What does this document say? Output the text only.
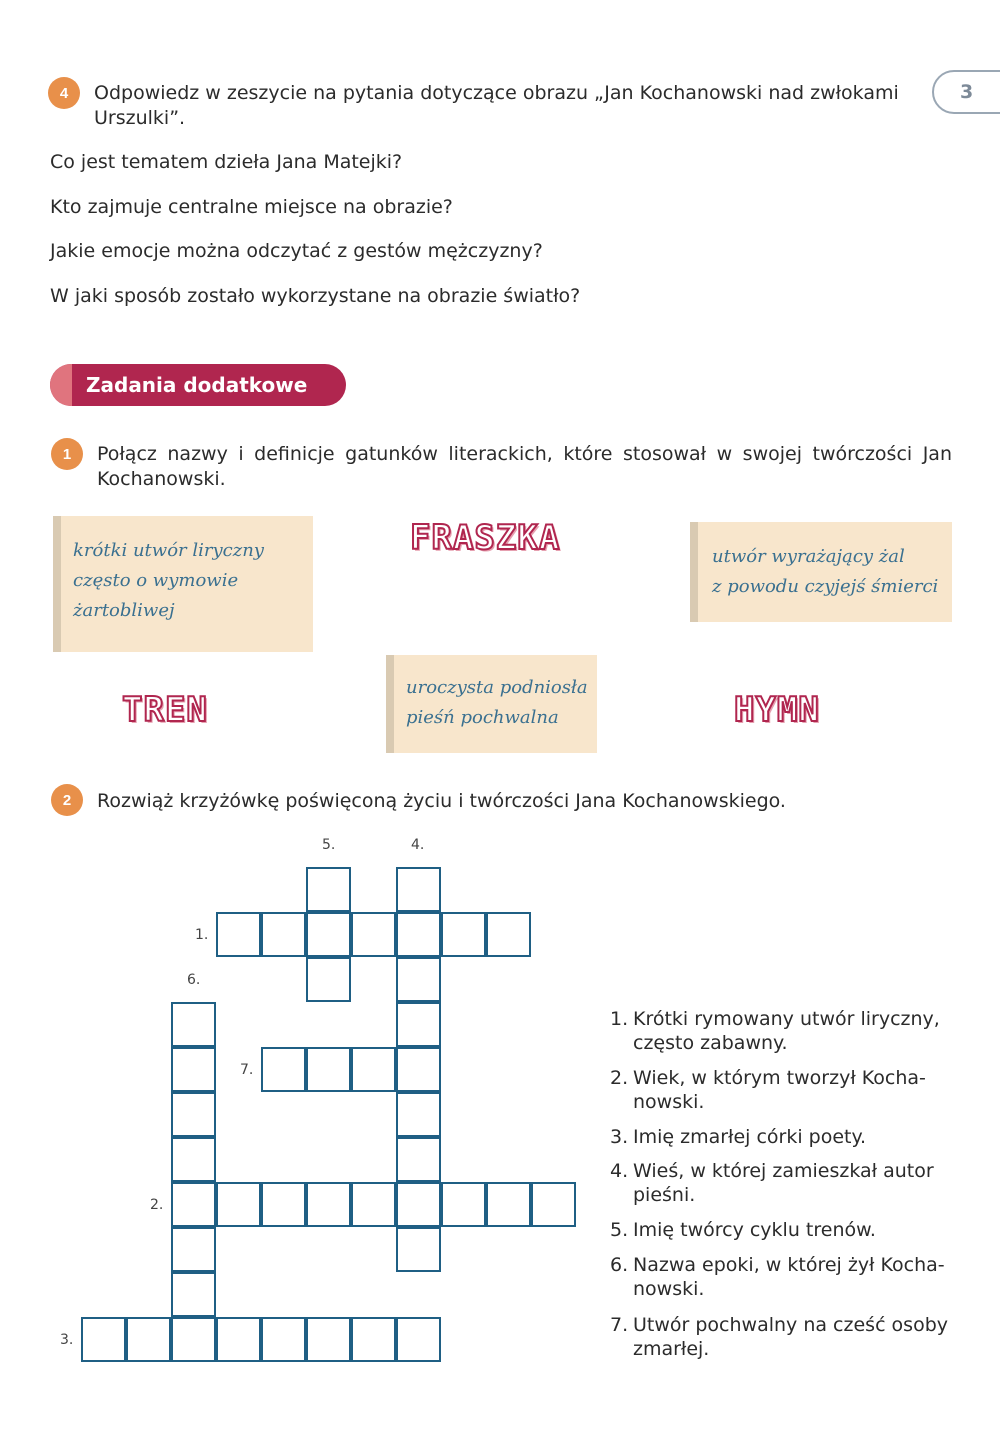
3
4 Odpowiedz w zeszycie na pytania dotyczące obrazu „Jan Kochanowski nad zwłokami
Urszulki”.
Co jest tematem dzieła Jana Matejki?
Kto zajmuje centralne miejsce na obrazie?
Jakie emocje można odczytać z gestów mężczyzny?
W jaki sposób zostało wykorzystane na obrazie światło?
Zadania dodatkowe
1 Połącz nazwy i definicje gatunków literackich, które stosował w swojej twórczości Jan
Kochanowski.
krótki utwór liryczny
często o wymowie
żartobliwej
utwór wyrażający żal
z powodu czyjejś śmierci
uroczysta podniosła
pieśń pochwalna
FRASZKA
TREN	HYMN
2 Rozwiąż krzyżówkę poświęconą życiu i twórczości Jana Kochanowskiego.
5.	4.
1.
6.
7.
2.
3.
1. Krótki rymowany utwór liryczny, często zabawny.
2. Wiek, w którym tworzył Kocha-nowski.
3. Imię zmarłej córki poety.
4. Wieś, w której zamieszkał autor pieśni.
5. Imię twórcy cyklu trenów.
6. Nazwa epoki, w której żył Kocha-nowski.
7. Utwór pochwalny na cześć osoby zmarłej.
